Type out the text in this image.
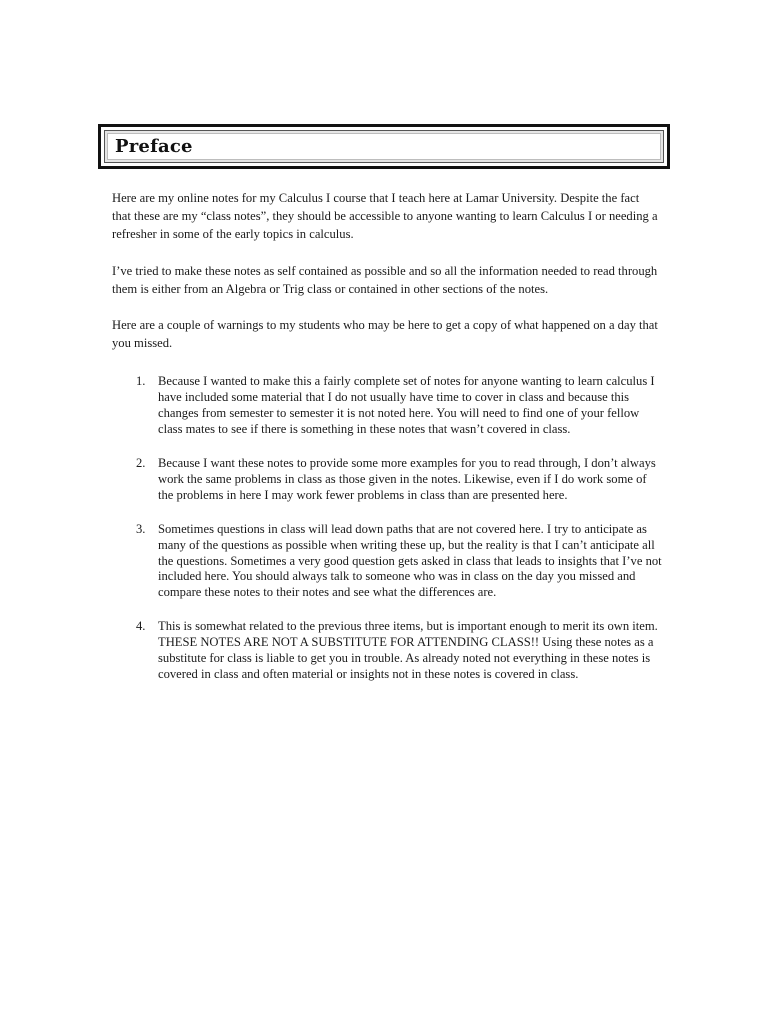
Preface

Here are my online notes for my Calculus I course that I teach here at Lamar University. Despite the fact that these are my “class notes”, they should be accessible to anyone wanting to learn Calculus I or needing a refresher in some of the early topics in calculus.

I’ve tried to make these notes as self contained as possible and so all the information needed to read through them is either from an Algebra or Trig class or contained in other sections of the notes.

Here are a couple of warnings to my students who may be here to get a copy of what happened on a day that you missed.

1. Because I wanted to make this a fairly complete set of notes for anyone wanting to learn calculus I have included some material that I do not usually have time to cover in class and because this changes from semester to semester it is not noted here. You will need to find one of your fellow class mates to see if there is something in these notes that wasn’t covered in class.
2. Because I want these notes to provide some more examples for you to read through, I don’t always work the same problems in class as those given in the notes. Likewise, even if I do work some of the problems in here I may work fewer problems in class than are presented here.
3. Sometimes questions in class will lead down paths that are not covered here. I try to anticipate as many of the questions as possible when writing these up, but the reality is that I can’t anticipate all the questions. Sometimes a very good question gets asked in class that leads to insights that I’ve not included here. You should always talk to someone who was in class on the day you missed and compare these notes to their notes and see what the differences are.
4. This is somewhat related to the previous three items, but is important enough to merit its own item. THESE NOTES ARE NOT A SUBSTITUTE FOR ATTENDING CLASS!! Using these notes as a substitute for class is liable to get you in trouble. As already noted not everything in these notes is covered in class and often material or insights not in these notes is covered in class.
